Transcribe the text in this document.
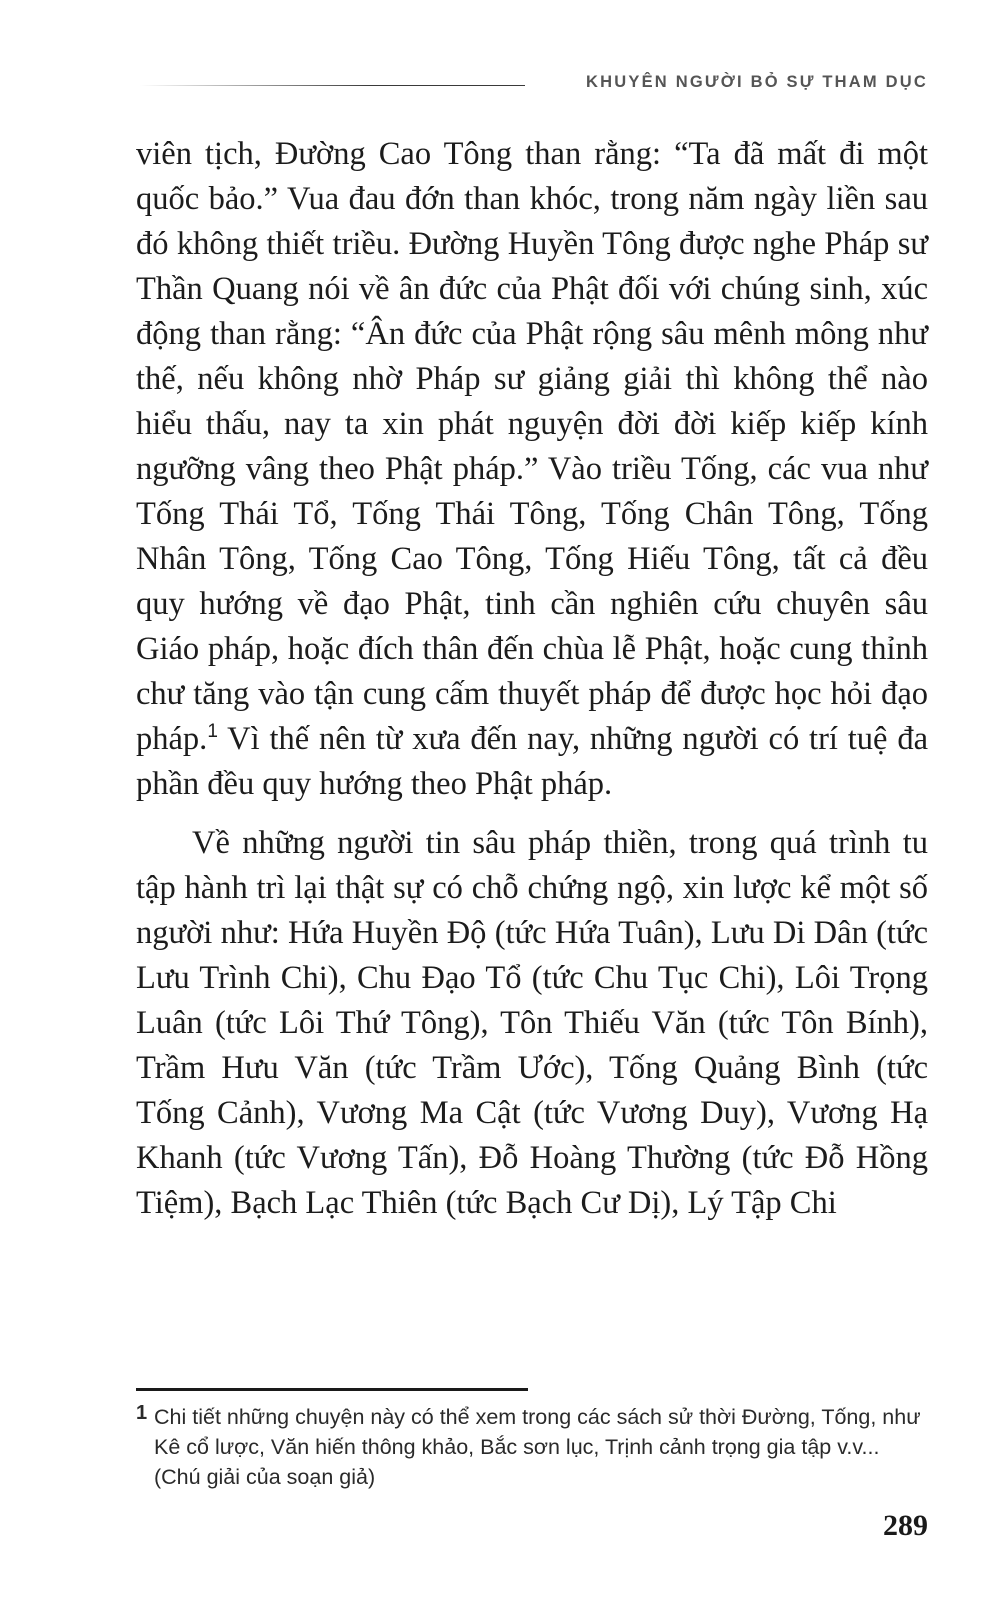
KHUYÊN NGƯỜI BỎ SỰ THAM DỤC

viên tịch, Đường Cao Tông than rằng: “Ta đã mất đi một quốc bảo.” Vua đau đớn than khóc, trong năm ngày liền sau đó không thiết triều. Đường Huyền Tông được nghe Pháp sư Thần Quang nói về ân đức của Phật đối với chúng sinh, xúc động than rằng: “Ân đức của Phật rộng sâu mênh mông như thế, nếu không nhờ Pháp sư giảng giải thì không thể nào hiểu thấu, nay ta xin phát nguyện đời đời kiếp kiếp kính ngưỡng vâng theo Phật pháp.” Vào triều Tống, các vua như Tống Thái Tổ, Tống Thái Tông, Tống Chân Tông, Tống Nhân Tông, Tống Cao Tông, Tống Hiếu Tông, tất cả đều quy hướng về đạo Phật, tinh cần nghiên cứu chuyên sâu Giáo pháp, hoặc đích thân đến chùa lễ Phật, hoặc cung thỉnh chư tăng vào tận cung cấm thuyết pháp để được học hỏi đạo pháp.$^1$ Vì thế nên từ xưa đến nay, những người có trí tuệ đa phần đều quy hướng theo Phật pháp.

Về những người tin sâu pháp thiền, trong quá trình tu tập hành trì lại thật sự có chỗ chứng ngộ, xin lược kể một số người như: Hứa Huyền Độ (tức Hứa Tuân), Lưu Di Dân (tức Lưu Trình Chi), Chu Đạo Tổ (tức Chu Tục Chi), Lôi Trọng Luân (tức Lôi Thứ Tông), Tôn Thiếu Văn (tức Tôn Bính), Trầm Hưu Văn (tức Trầm Ước), Tống Quảng Bình (tức Tống Cảnh), Vương Ma Cật (tức Vương Duy), Vương Hạ Khanh (tức Vương Tấn), Đỗ Hoàng Thường (tức Đỗ Hồng Tiệm), Bạch Lạc Thiên (tức Bạch Cư Dị), Lý Tập Chi

1 Chi tiết những chuyện này có thể xem trong các sách sử thời Đường, Tống, như Kê cổ lược, Văn hiến thông khảo, Bắc sơn lục, Trịnh cảnh trọng gia tập v.v... (Chú giải của soạn giả)
289
